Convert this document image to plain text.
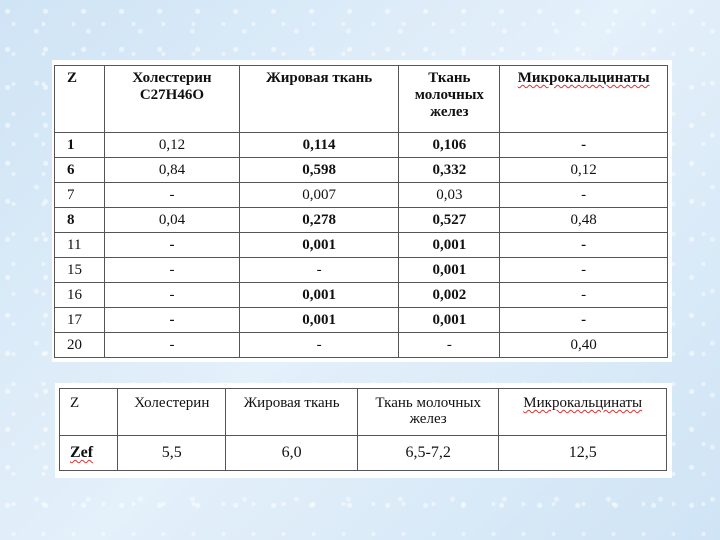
Z	Холестерин C27H46O	Жировая ткань	Ткань молочных желез	Микрокальцинаты
1	0,12	0,114	0,106	-
6	0,84	0,598	0,332	0,12
7	-	0,007	0,03	-
8	0,04	0,278	0,527	0,48
11	-	0,001	0,001	-
15	-	-	0,001	-
16	-	0,001	0,002	-
17	-	0,001	0,001	-
20	-	-	-	0,40
Z	Холестерин	Жировая ткань	Ткань молочных желез	Микрокальцинаты
Zef	5,5	6,0	6,5-7,2	12,5
